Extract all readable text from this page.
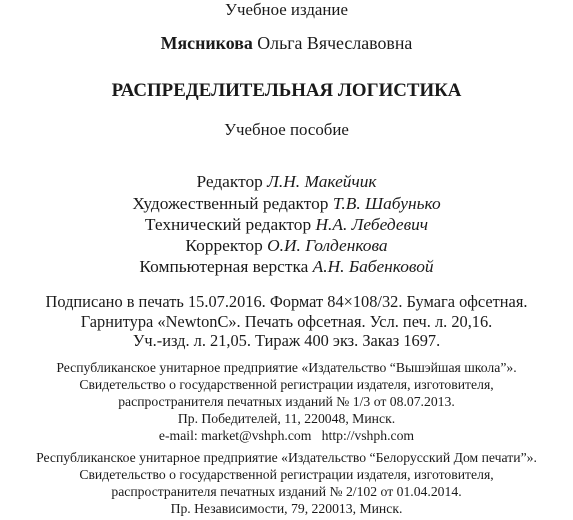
Учебное издание
Мясникова Ольга Вячеславовна
РАСПРЕДЕЛИТЕЛЬНАЯ ЛОГИСТИКА
Учебное пособие
Редактор Л.Н. Макейчик
Художественный редактор Т.В. Шабунько
Технический редактор Н.А. Лебедевич
Корректор О.И. Голденкова
Компьютерная верстка А.Н. Бабенковой
Подписано в печать 15.07.2016. Формат 84×108/32. Бумага офсетная.
Гарнитура «NewtonC». Печать офсетная. Усл. печ. л. 20,16.
Уч.-изд. л. 21,05. Тираж 400 экз. Заказ 1697.
Республиканское унитарное предприятие «Издательство “Вышэйшая школа”».
Свидетельство о государственной регистрации издателя, изготовителя,
распространителя печатных изданий № 1/3 от 08.07.2013.
Пр. Победителей, 11, 220048, Минск.
e-mail: market@vshph.com   http://vshph.com
Республиканское унитарное предприятие «Издательство “Белорусский Дом печати”».
Свидетельство о государственной регистрации издателя, изготовителя,
распространителя печатных изданий № 2/102 от 01.04.2014.
Пр. Независимости, 79, 220013, Минск.
